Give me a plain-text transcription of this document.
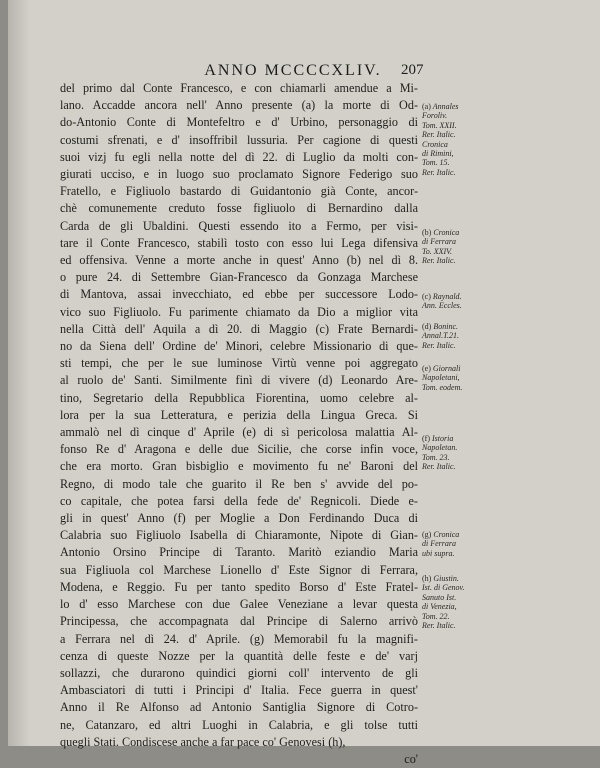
ANNO MCCCCXLIV.	207
del primo dal Conte Francesco, e con chiamarli amendue a Mi-
lano. Accadde ancora nell' Anno presente (a) la morte di Od-
do-Antonio Conte di Montefeltro e d' Urbino, personaggio di
costumi sfrenati, e d' insoffribil lussuria. Per cagione di questi
suoi vizj fu egli nella notte del dì 22. di Luglio da molti con-
giurati ucciso, e in luogo suo proclamato Signore Federigo suo
Fratello, e Figliuolo bastardo di Guidantonio già Conte, ancor-
chè comunemente creduto fosse figliuolo di Bernardino dalla
Carda de gli Ubaldini. Questi essendo ito a Fermo, per visi-
tare il Conte Francesco, stabilì tosto con esso lui Lega difensiva
ed offensiva. Venne a morte anche in quest' Anno (b) nel dì 8.
o pure 24. di Settembre Gian-Francesco da Gonzaga Marchese
di Mantova, assai invecchiato, ed ebbe per successore Lodo-
vico suo Figliuolo. Fu parimente chiamato da Dio a miglior vita
nella Città dell' Aquila a dì 20. di Maggio (c) Frate Bernardi-
no da Siena dell' Ordine de' Minori, celebre Missionario di que-
sti tempi, che per le sue luminose Virtù venne poi aggregato
al ruolo de' Santi. Similmente finì di vivere (d) Leonardo Are-
tino, Segretario della Repubblica Fiorentina, uomo celebre al-
lora per la sua Letteratura, e perizia della Lingua Greca. Si
ammalò nel dì cinque d' Aprile (e) di sì pericolosa malattia Al-
fonso Re d' Aragona e delle due Sicilie, che corse infin voce,
che era morto. Gran bisbiglio e movimento fu ne' Baroni del
Regno, di modo tale che guarito il Re ben s' avvide del po-
co capitale, che potea farsi della fede de' Regnicoli. Diede e-
gli in quest' Anno (f) per Moglie a Don Ferdinando Duca di
Calabria suo Figliuolo Isabella di Chiaramonte, Nipote di Gian-
Antonio Orsino Principe di Taranto. Maritò eziandio Maria
sua Figliuola col Marchese Lionello d' Este Signor di Ferrara,
Modena, e Reggio. Fu per tanto spedito Borso d' Este Fratel-
lo d' esso Marchese con due Galee Veneziane a levar questa
Principessa, che accompagnata dal Principe di Salerno arrivò
a Ferrara nel dì 24. d' Aprile. (g) Memorabil fu la magnifi-
cenza di queste Nozze per la quantità delle feste e de' varj
sollazzi, che durarono quindici giorni coll' intervento de gli
Ambasciatori di tutti i Principi d' Italia. Fece guerra in quest'
Anno il Re Alfonso ad Antonio Santiglia Signore di Cotro-
ne, Catanzaro, ed altri Luoghi in Calabria, e gli tolse tutti
quegli Stati. Condiscese anche a far pace co' Genovesi (h),
co'
(a) Annales
Foroliv.
Tom. XXII.
Rer. Italic.
Cronica
di Rimini,
Tom. 15.
Rer. Italic.
(b) Cronica
di Ferrara
To. XXIV.
Rer. Italic.
(c) Raynald.
Ann. Eccles.
(d) Boninc.
Annal.T.21.
Rer. Italic.
(e) Giornali
Napoletani,
Tom. eodem.
(f) Istoria
Napoletan.
Tom. 23.
Rer. Italic.
(g) Cronica
di Ferrara
ubi supra.
(h) Giustin.
Ist. di Genov.
Sanuto Ist.
di Venezia,
Tom. 22.
Rer. Italic.
